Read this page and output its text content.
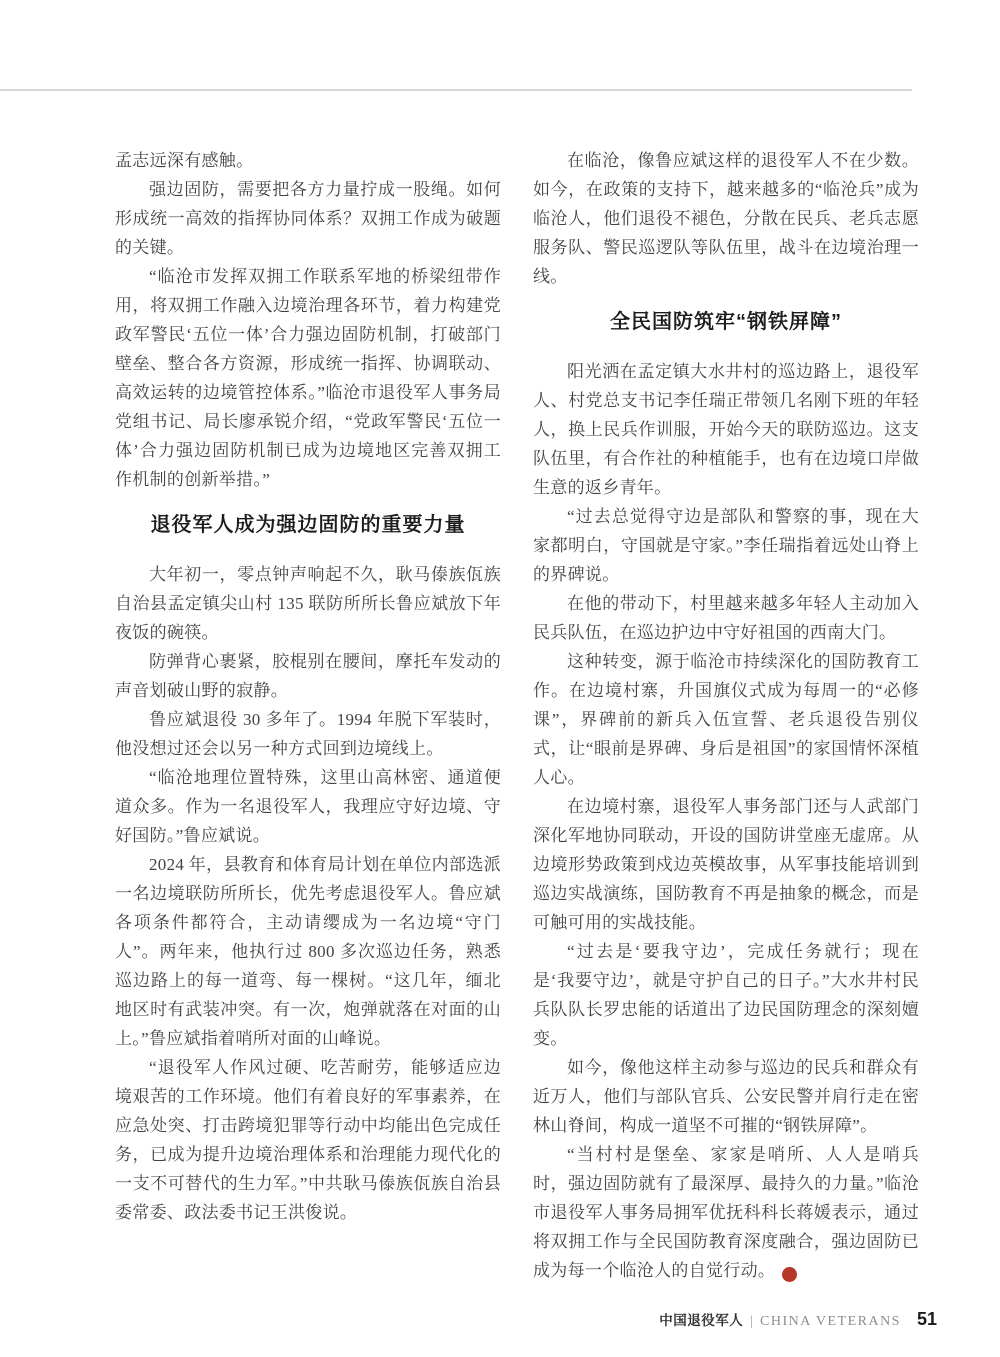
孟志远深有感触。

强边固防，需要把各方力量拧成一股绳。如何形成统一高效的指挥协同体系？双拥工作成为破题的关键。

“临沧市发挥双拥工作联系军地的桥梁纽带作用，将双拥工作融入边境治理各环节，着力构建党政军警民‘五位一体’合力强边固防机制，打破部门壁垒、整合各方资源，形成统一指挥、协调联动、高效运转的边境管控体系。”临沧市退役军人事务局党组书记、局长廖承锐介绍，“党政军警民‘五位一体’合力强边固防机制已成为边境地区完善双拥工作机制的创新举措。”

退役军人成为强边固防的重要力量

大年初一，零点钟声响起不久，耿马傣族佤族自治县孟定镇尖山村 135 联防所所长鲁应斌放下年夜饭的碗筷。

防弹背心裹紧，胶棍别在腰间，摩托车发动的声音划破山野的寂静。

鲁应斌退役 30 多年了。1994 年脱下军装时，他没想过还会以另一种方式回到边境线上。

“临沧地理位置特殊，这里山高林密、通道便道众多。作为一名退役军人，我理应守好边境、守好国防。”鲁应斌说。

2024 年，县教育和体育局计划在单位内部选派一名边境联防所所长，优先考虑退役军人。鲁应斌各项条件都符合，主动请缨成为一名边境“守门人”。两年来，他执行过 800 多次巡边任务，熟悉巡边路上的每一道弯、每一棵树。“这几年，缅北地区时有武装冲突。有一次，炮弹就落在对面的山上。”鲁应斌指着哨所对面的山峰说。

“退役军人作风过硬、吃苦耐劳，能够适应边境艰苦的工作环境。他们有着良好的军事素养，在应急处突、打击跨境犯罪等行动中均能出色完成任务，已成为提升边境治理体系和治理能力现代化的一支不可替代的生力军。”中共耿马傣族佤族自治县委常委、政法委书记王洪俊说。

在临沧，像鲁应斌这样的退役军人不在少数。如今，在政策的支持下，越来越多的“临沧兵”成为临沧人，他们退役不褪色，分散在民兵、老兵志愿服务队、警民巡逻队等队伍里，战斗在边境治理一线。

全民国防筑牢“钢铁屏障”

阳光洒在孟定镇大水井村的巡边路上，退役军人、村党总支书记李任瑞正带领几名刚下班的年轻人，换上民兵作训服，开始今天的联防巡边。这支队伍里，有合作社的种植能手，也有在边境口岸做生意的返乡青年。

“过去总觉得守边是部队和警察的事，现在大家都明白，守国就是守家。”李任瑞指着远处山脊上的界碑说。

在他的带动下，村里越来越多年轻人主动加入民兵队伍，在巡边护边中守好祖国的西南大门。

这种转变，源于临沧市持续深化的国防教育工作。在边境村寨，升国旗仪式成为每周一的“必修课”，界碑前的新兵入伍宣誓、老兵退役告别仪式，让“眼前是界碑、身后是祖国”的家国情怀深植人心。

在边境村寨，退役军人事务部门还与人武部门深化军地协同联动，开设的国防讲堂座无虚席。从边境形势政策到戍边英模故事，从军事技能培训到巡边实战演练，国防教育不再是抽象的概念，而是可触可用的实战技能。

“过去是‘要我守边’，完成任务就行；现在是‘我要守边’，就是守护自己的日子。”大水井村民兵队队长罗忠能的话道出了边民国防理念的深刻嬗变。

如今，像他这样主动参与巡边的民兵和群众有近万人，他们与部队官兵、公安民警并肩行走在密林山脊间，构成一道坚不可摧的“钢铁屏障”。

“当村村是堡垒、家家是哨所、人人是哨兵时，强边固防就有了最深厚、最持久的力量。”临沧市退役军人事务局拥军优抚科科长蒋媛表示，通过将双拥工作与全民国防教育深度融合，强边固防已成为每一个临沧人的自觉行动。	V

中国退役军人 | CHINA VETERANS 51
